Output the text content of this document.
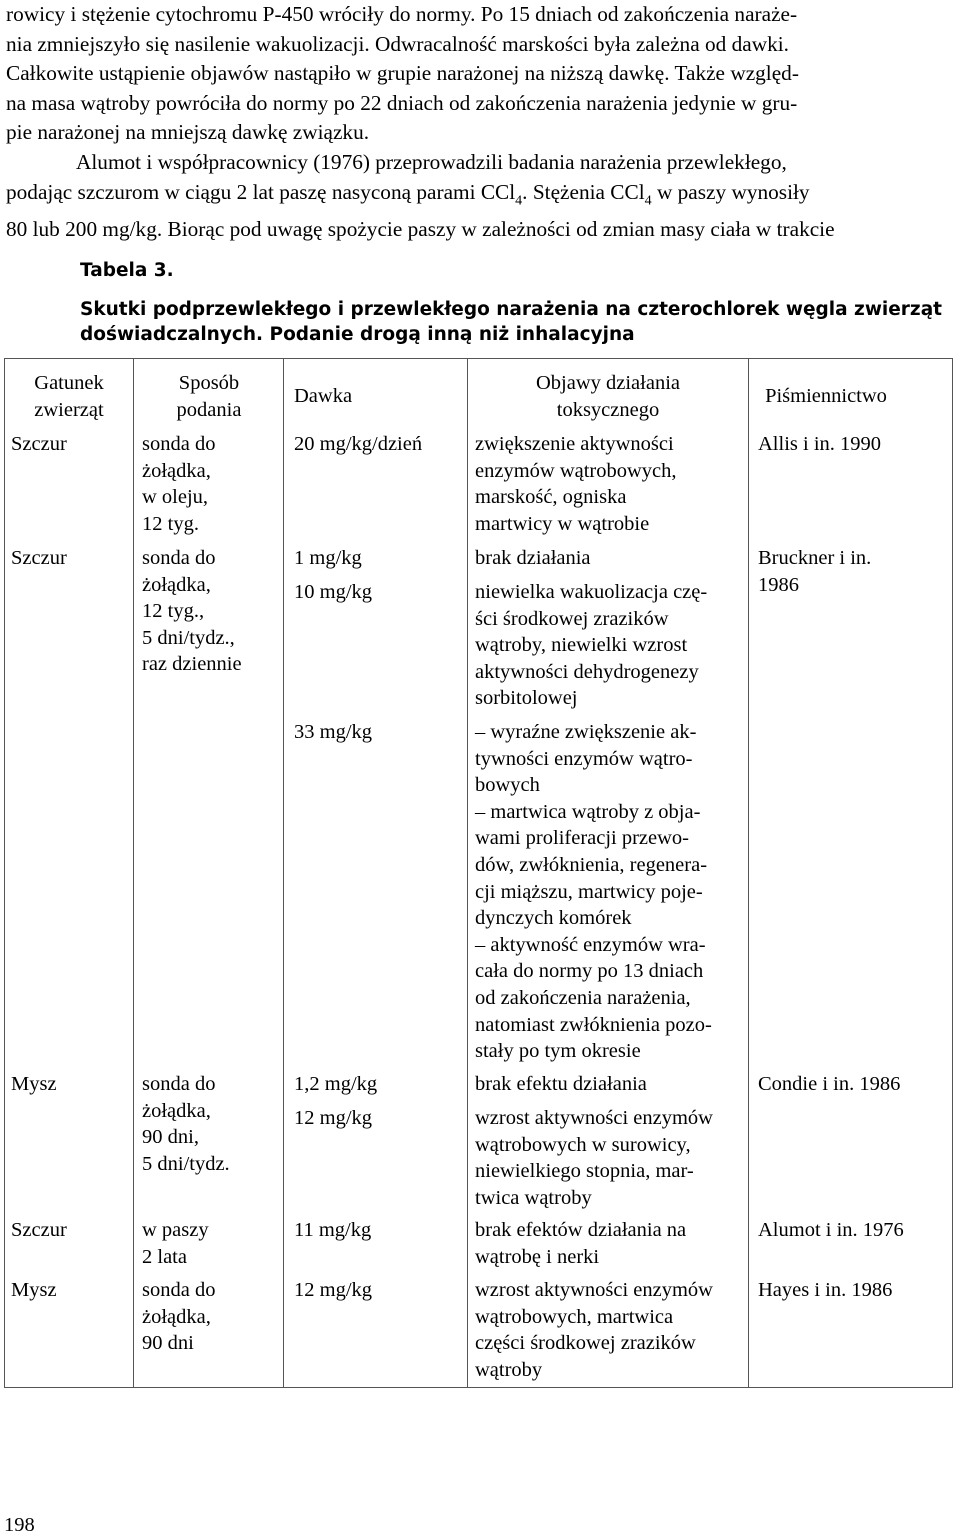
rowicy i stężenie cytochromu P-450 wróciły do normy. Po 15 dniach od zakończenia naraże-
nia zmniejszyło się nasilenie wakuolizacji. Odwracalność marskości była zależna od dawki.
Całkowite ustąpienie objawów nastąpiło w grupie narażonej na niższą dawkę. Także względ-
na masa wątroby powróciła do normy po 22 dniach od zakończenia narażenia jedynie w gru-
pie narażonej na mniejszą dawkę związku.
Alumot i współpracownicy (1976) przeprowadzili badania narażenia przewlekłego,
podając szczurom w ciągu 2 lat paszę nasyconą parami CCl$_4$. Stężenia CCl$_4$ w paszy wynosiły
80 lub 200 mg/kg. Biorąc pod uwagę spożycie paszy w zależności od zmian masy ciała w trakcie
Tabela 3.
Skutki podprzewlekłego i przewlekłego narażenia na czterochlorek węgla zwierząt
doświadczalnych. Podanie drogą inną niż inhalacyjna
Gatunek
zwierząt
Sposób
podania
Dawka
Objawy działania
toksycznego
Piśmiennictwo
Szczur
Szczur
Mysz
Szczur
Mysz
sonda do
żołądka,
w oleju,
12 tyg.
sonda do
żołądka,
12 tyg.,
5 dni/tydz.,
raz dziennie
sonda do
żołądka,
90 dni,
5 dni/tydz.
w paszy
2 lata
sonda do
żołądka,
90 dni
20 mg/kg/dzień
1 mg/kg
10 mg/kg
33 mg/kg
1,2 mg/kg
12 mg/kg
11 mg/kg
12 mg/kg
zwiększenie aktywności
enzymów wątrobowych,
marskość, ogniska
martwicy w wątrobie
brak działania
niewielka wakuolizacja czę-
ści środkowej zrazików
wątroby, niewielki wzrost
aktywności dehydrogenezy
sorbitolowej
– wyraźne zwiększenie ak-
tywności enzymów wątro-
bowych
– martwica wątroby z obja-
wami proliferacji przewo-
dów, zwłóknienia, regenera-
cji miąższu, martwicy poje-
dynczych komórek
– aktywność enzymów wra-
cała do normy po 13 dniach
od zakończenia narażenia,
natomiast zwłóknienia pozo-
stały po tym okresie
brak efektu działania
wzrost aktywności enzymów
wątrobowych w surowicy,
niewielkiego stopnia, mar-
twica wątroby
brak efektów działania na
wątrobę i nerki
wzrost aktywności enzymów
wątrobowych, martwica
części środkowej zrazików
wątroby
Allis i in. 1990
Bruckner i in.
1986
Condie i in. 1986
Alumot i in. 1976
Hayes i in. 1986
198
